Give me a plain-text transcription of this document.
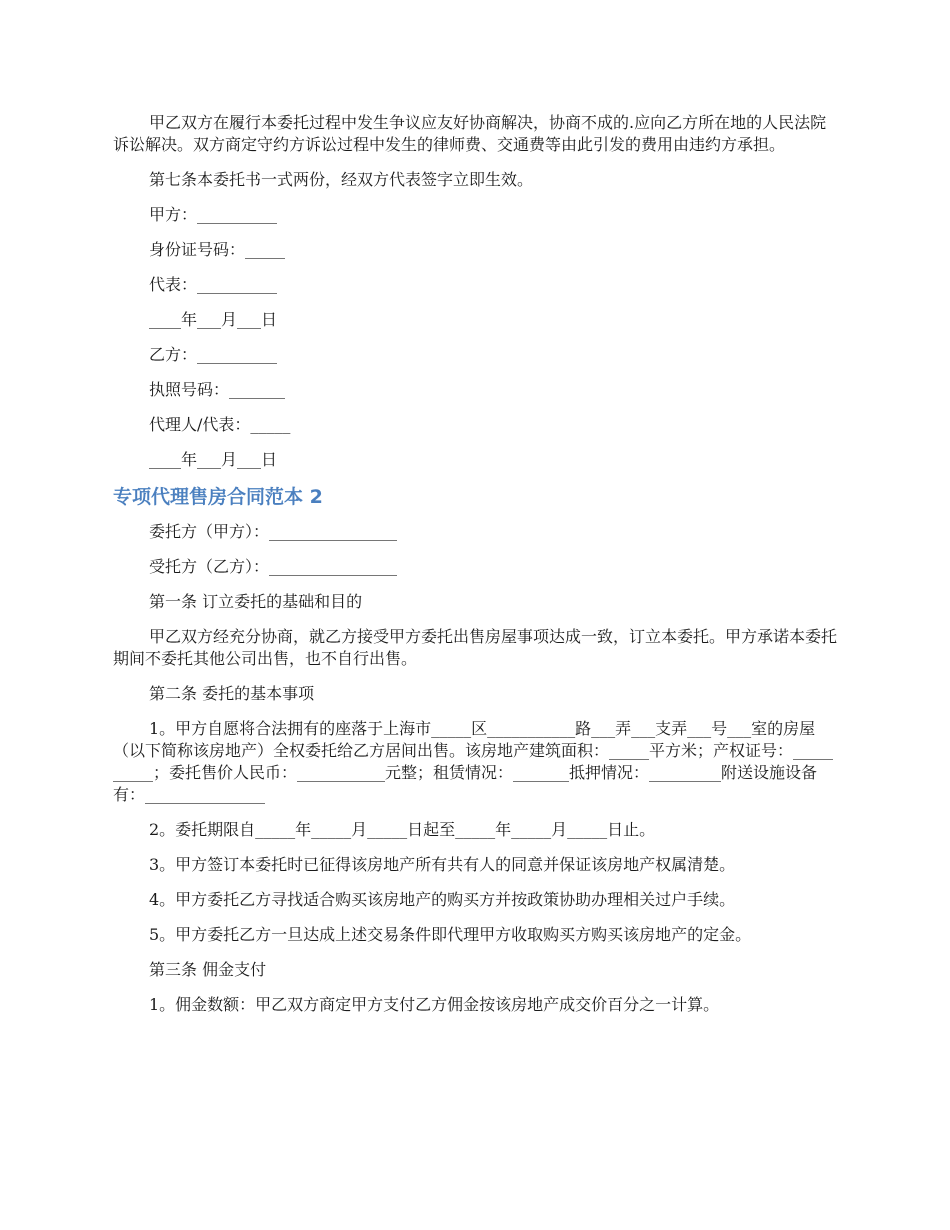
甲乙双方在履行本委托过程中发生争议应友好协商解决，协商不成的.应向乙方所在地的人民法院诉讼解决。双方商定守约方诉讼过程中发生的律师费、交通费等由此引发的费用由违约方承担。

第七条本委托书一式两份，经双方代表签字立即生效。

甲方：__________

身份证号码：_____

代表：__________

____年___月___日

乙方：__________

执照号码：_______

代理人/代表：_____

____年___月___日

专项代理售房合同范本 2

委托方（甲方）：________________

受托方（乙方）：________________

第一条 订立委托的基础和目的

甲乙双方经充分协商，就乙方接受甲方委托出售房屋事项达成一致，订立本委托。甲方承诺本委托期间不委托其他公司出售，也不自行出售。

第二条 委托的基本事项

1。甲方自愿将合法拥有的座落于上海市_____区___________路___弄___支弄___号___室的房屋（以下简称该房地产）全权委托给乙方居间出售。该房地产建筑面积：_____平方米；产权证号：__________；委托售价人民币：___________元整；租赁情况：_______抵押情况：_________附送设施设备有：_______________

2。委托期限自_____年_____月_____日起至_____年_____月_____日止。

3。甲方签订本委托时已征得该房地产所有共有人的同意并保证该房地产权属清楚。

4。甲方委托乙方寻找适合购买该房地产的购买方并按政策协助办理相关过户手续。

5。甲方委托乙方一旦达成上述交易条件即代理甲方收取购买方购买该房地产的定金。

第三条 佣金支付

1。佣金数额：甲乙双方商定甲方支付乙方佣金按该房地产成交价百分之一计算。
